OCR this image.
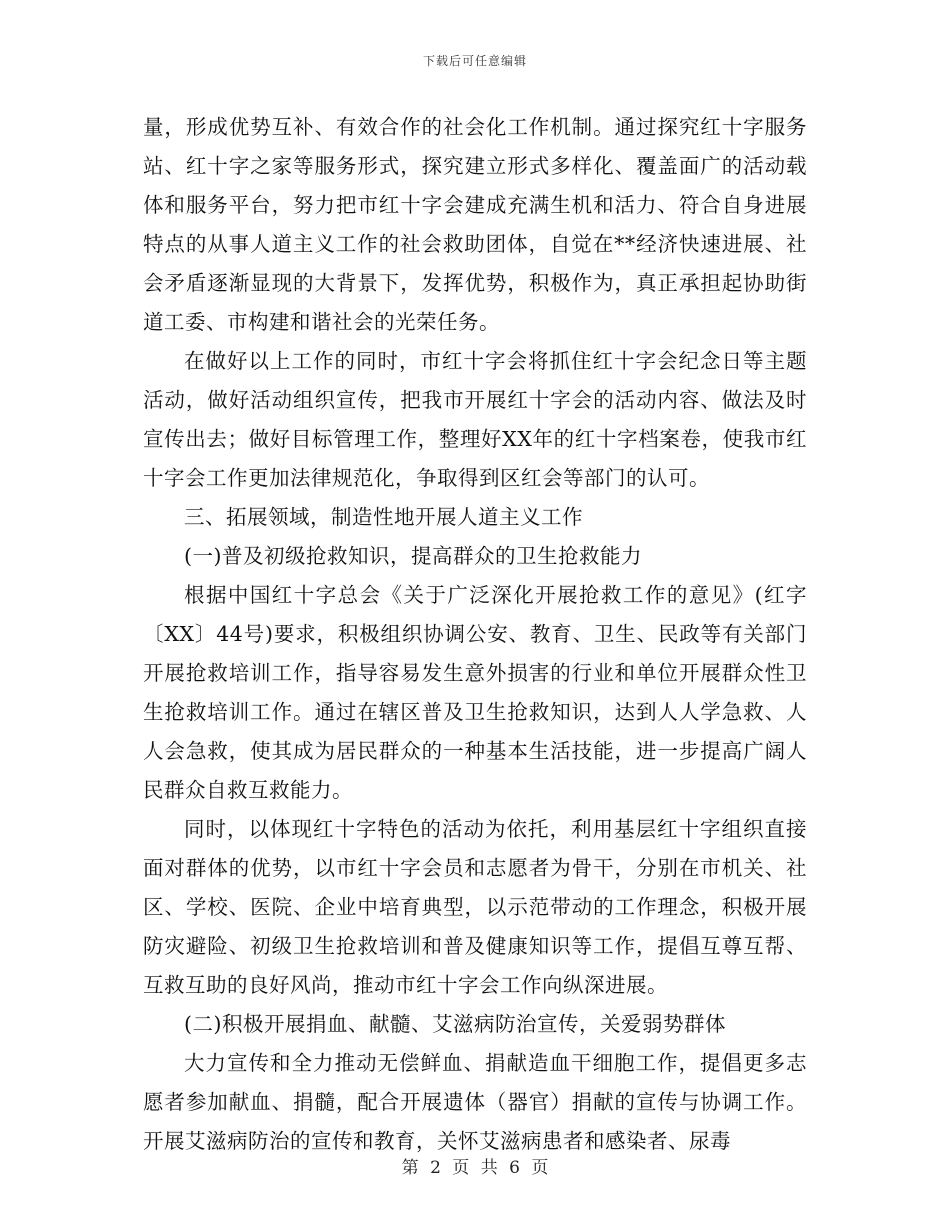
下载后可任意编辑

量，形成优势互补、有效合作的社会化工作机制。通过探究红十字服务站、红十字之家等服务形式，探究建立形式多样化、覆盖面广的活动载体和服务平台，努力把市红十字会建成充满生机和活力、符合自身进展特点的从事人道主义工作的社会救助团体，自觉在**经济快速进展、社会矛盾逐渐显现的大背景下，发挥优势，积极作为，真正承担起协助街道工委、市构建和谐社会的光荣任务。

在做好以上工作的同时，市红十字会将抓住红十字会纪念日等主题活动，做好活动组织宣传，把我市开展红十字会的活动内容、做法及时宣传出去；做好目标管理工作，整理好XX年的红十字档案卷，使我市红十字会工作更加法律规范化，争取得到区红会等部门的认可。

三、拓展领域，制造性地开展人道主义工作

(一)普及初级抢救知识，提高群众的卫生抢救能力

根据中国红十字总会《关于广泛深化开展抢救工作的意见》(红字〔XX〕44号)要求，积极组织协调公安、教育、卫生、民政等有关部门开展抢救培训工作，指导容易发生意外损害的行业和单位开展群众性卫生抢救培训工作。通过在辖区普及卫生抢救知识，达到人人学急救、人人会急救，使其成为居民群众的一种基本生活技能，进一步提高广阔人民群众自救互救能力。

同时，以体现红十字特色的活动为依托，利用基层红十字组织直接面对群体的优势，以市红十字会员和志愿者为骨干，分别在市机关、社区、学校、医院、企业中培育典型，以示范带动的工作理念，积极开展防灾避险、初级卫生抢救培训和普及健康知识等工作，提倡互尊互帮、互救互助的良好风尚，推动市红十字会工作向纵深进展。

(二)积极开展捐血、献髓、艾滋病防治宣传，关爱弱势群体

大力宣传和全力推动无偿鲜血、捐献造血干细胞工作，提倡更多志愿者参加献血、捐髓，配合开展遗体（器官）捐献的宣传与协调工作。开展艾滋病防治的宣传和教育，关怀艾滋病患者和感染者、尿毒

第 2 页 共 6 页
